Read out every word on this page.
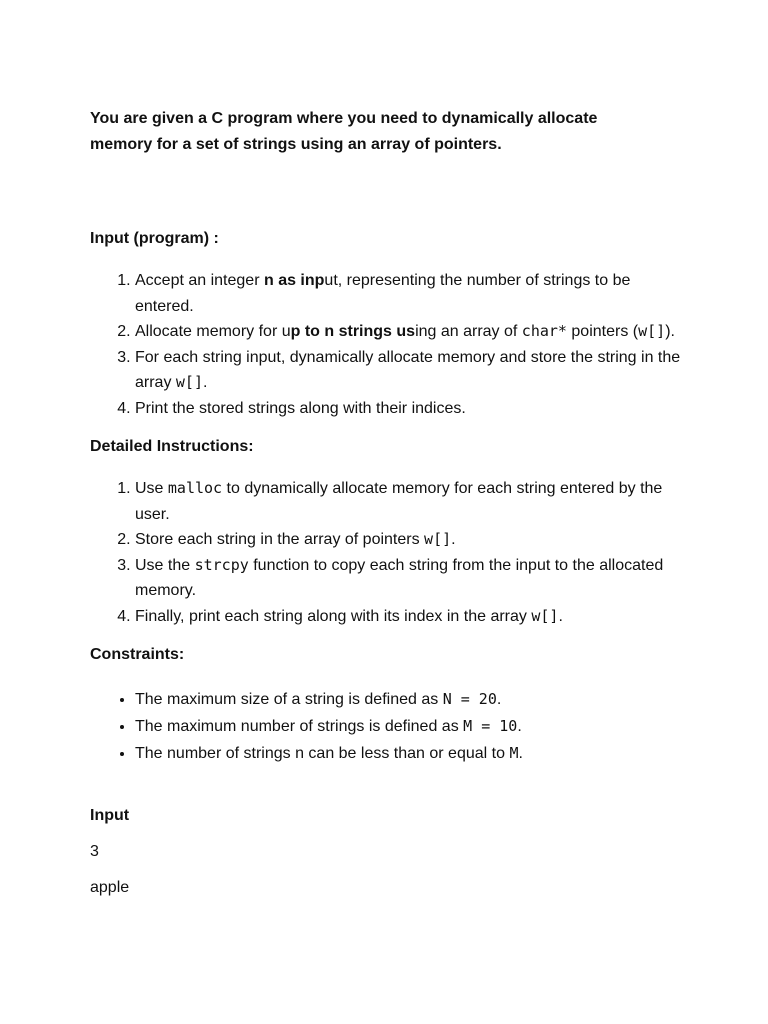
You are given a C program where you need to dynamically allocate
memory for a set of strings using an array of pointers.

Input (program) :
1. Accept an integer n as input, representing the number of strings to be entered.
2. Allocate memory for up to n strings using an array of char* pointers (w[]).
3. For each string input, dynamically allocate memory and store the string in the array w[].
4. Print the stored strings along with their indices.
Detailed Instructions:
1. Use malloc to dynamically allocate memory for each string entered by the user.
2. Store each string in the array of pointers w[].
3. Use the strcpy function to copy each string from the input to the allocated memory.
4. Finally, print each string along with its index in the array w[].
Constraints:
• The maximum size of a string is defined as N = 20.
• The maximum number of strings is defined as M = 10.
• The number of strings n can be less than or equal to M.
Input

3

apple
